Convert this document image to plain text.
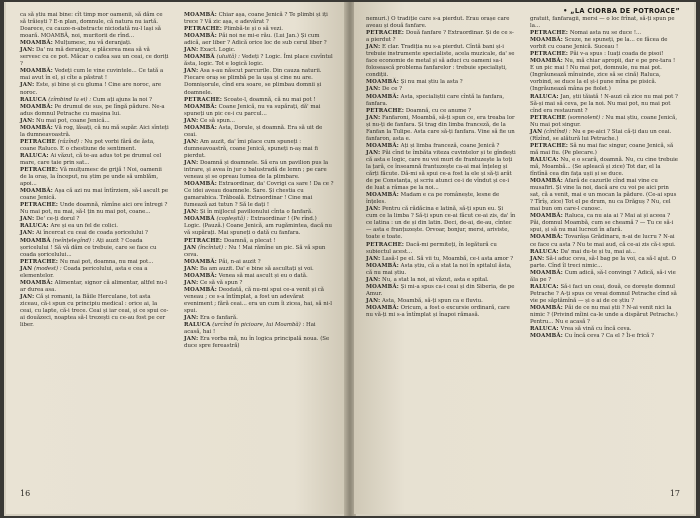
ca să știu mai bine: cît timp mor oamenii, să dăm ce să trăiești ? E-n plan, domnule, că natura nu iartă. Doarece, cu cauze-n-abstracte niciodată nu-l lași să moară. MOAMBĂ, noi, muritorii de rînd...

MOAMBĂ: Mulțumesc, nu vă deranjați.

JAN: Da' nu mă deranjez, e plăcerea mea să vă servesc cu ce pot. Măcar o cafea sau un ceai, ce doriți ?

MOAMBĂ: Vedeți cum le vine cuvintele... Ce tată a mai avut în el, și cîte a păstrat !

JAN: Este, și bine și cu gluma ! Cine are noroc, are noroc.

RALUCA (zîmbind la ei) : Cum ați ajuns la noi ?

MOAMBĂ: Pe drumul de sus, pe lîngă pădure. Ne-a adus domnul Petrache cu mașina lui.

JAN: Nu mai pot, coane Jenică...

MOAMBĂ: Vă rog, lăsați, că nu mă supăr. Aici sînteți la dumneavoastră.

PETRACHE (râzînd) : Nu pot vorbi fără de ăsta, coane Raluco. E o chestiune de sentiment.

RALUCA: Ai văzut, că te-au adus tot pe drumul cel mare, care taie prin sat...

PETRACHE: Vă mulțumesc de grijă ! Noi, oamenii de la oraș, la început, nu știm pe unde să umblăm, apoi...

MOAMBĂ: Așa că azi nu mai întîrziem, să-l ascult pe coane Jenică.

PETRACHE: Unde doamnă, rămîne aici ore întregi ? Nu mai pot, nu mai, să-l țin nu mai pot, coane...

JAN: De' ce-ți dorul ?

RALUCA: Are și ea un fel de colici.

JAN: Ai încercat cu ceai de coada șoricelului ?

MOAMBĂ (neînțelegînd) : Ați auzit ? Coada șoricelului ! Să vă dăm ce trebuie, care se face cu coada șoricelului...

PETRACHE: Nu mai pot, doamna, nu mai pot...

JAN (modest) : Coada pericolului, asta e cea a elementelor.

MOAMBĂ: Alimentar, signor că alimentar, altfel nu-l ar durea asa.

JAN: Că și romanii, la Băile Herculane, tot asta ziceau, că-i spun cu principiu medical : orice ai, la ceai, cu lapte, că-i trece. Ceai și iar ceai, și ce spui ce-ai douăzeci, noaptea să-l trezești cu ce-au fost pe cer liber.

MOAMBĂ: Chiar așa, coane Jenică ? Te plimbi și iți trece ? Vă zic așa, e adevărat ?

PETRACHE: Plimbă-te și o să vezi.

MOAMBĂ: Păi noi ne mi-e rău. (Lui Jan.) Și cum adică, aer liber ? Adică orice loc de sub cerul liber ?

JAN: Exact. Logic.

MOAMBĂ (uluită) : Vedeți ? Logic. Îmi place cuvîntul ăsta, logic. Tot e logică logic.

JAN: Asa s-au născut parcurile. Din cauza naturii. Fiecare oraș se plimbă pe la ușa și cine nu are. Domnișorule, cînd era soare, se plimbau domnii și doamnele.

PETRACHE: Scoate-l, doamnă, că nu mai pot !

MOAMBĂ: Coane Jenică, nu va supărați, dă' mai spuneți un pic ce-i cu parcul...

JAN: Ce să spun...

MOAMBĂ: Asta, Dorule, și doamnă. Era să uit de ceai.

JAN: Am auzit, da' îmi place cum spuneți : dumneavoastră, coane Jenică, spuneți n-aș mai fi pierdut.

JAN: Doamnă și doamnele. Să era un pavilion pus la intrare, și avea în jur o balustradă de lemn ; pe care veneau și se opreau lumea de la plimbare.

MOAMBĂ: Extraordinar, da' Covrigi ca sare ! Da ce ? Ce idei aveau doamnele. Sare. Și chestia cu gamarabica. Trăboală. Extraordinar ! Cine mai fumează azi tutun ? Să le dați !

JAN: Și în mijlocul pavilionului cînta o fanfară.

MOAMBĂ (copleșită) : Extraordinar ! (Pe rînd.) Logic. (Pauză.) Coane Jenică, am rugămintea, dacă nu vă supărați. Mai spuneți o dată cu fanfara.

PETRACHE: Doamnă, a plecat !

JAN (încîntat) : Nu ! Mai rămîne un pic. Să vă spun ceva.

MOAMBĂ: Păi, n-ai auzit ?

JAN: Ba am auzit. Da' e bine să ascultați și voi.

MOAMBĂ: Venea să mai ascult și eu o dată.

JAN: Ce să vă spun ?

MOAMBĂ: Deodată, că nu-mi spui ce-a venit și că veneau ; ce s-a întîmplat, a fost un adevărat eveniment ; fără ceai... era un cum îi zicea, hai, să ni-l spui.

JAN: Era o fanfară.

RALUCA (urcînd în picioare, lui Moambă) : Hai acasă, hai !

JAN: Era vorba mă, nu în logica principală noua. (Se duce spre fereastră)

16
• „LA CIORBA DE POTROACE”

nemuri.) O tradiție care s-a pierdut. Erau orașe care aveau și două fanfare.

PETRACHE: Două fanfare ? Extraordinar. Și de ce s-a pierdut ?

JAN: E clar. Tradiția nu s-a pierdut. Cîntă bani și-i trebuie instrumente specialiste, acela muzicale, da' se face economie de metal și să aduci cu oameni sa-i folosească problema fanfarelor : trebuie specialiști, condiții.

MOAMBĂ: Și nu mai știu la asta ?

JAN: De ce ?

MOAMBĂ: Asta, specialiștii care cîntă la fanfara, fanfara.

PETRACHE: Doamnă, cu ce anume ?

JAN: Fanfaroni, Moambă, să-ți spun ce, era treaba lor și nu-ți de fanfara. Și trag din limba franceză, de la Fanfan la Tulipe. Asta care să-ți fanfara. Vine să fie un fanfaron, asta e.

MOAMBĂ: Ați și limba franceză, coane Jenică ?

JAN: Păi cînd te îmbăta viteza cuvintelor și te gîndești că asta e logic, care nu voi muri de frantuzește la toți la țară, ce înseamnă frantuzește ca-ai mai înțeleg și cărți făcute. Dă-mi să spui ce-a fost la ele și să-ți arăt de pe Constanța, și scriu atunci ce-i de vîndut și ce-i de luat a rămas pe la noi...

MOAMBĂ: Madam e ca pe românește, lesne de înțeles.

JAN: Pentru că rădăcina e latină, să-ți spun eu. Și cum ce la limba ? Să-ți spun ce-ai făcut ce-ai zis, da' în ce latina : un de și din latin. Deci, de-ai, de-au, cîntec — asta e franțuzește. Orvoar, bonjur, mersi, ariviste, toate e toate.

PETRACHE: Dacă-mi permiteți, în legătură cu subiectul acest...

JAN: Lasă-l pe el. Să vii tu, Moambă, ce-i asta amor ?

MOAMBĂ: Asta știu, că a stat la noi în spitalul ăsta, că nu mai știu.

JAN: Nu, a stat la noi, ai văzut, asta e spital.

MOAMBĂ: Și mi-a spus ca-i ceai și din Siberia, de pe Amur.

JAN: Asta, Moambă, să-ți spun ca e fluviu.

MOAMBĂ: Oricum, a fost o excursie ordinară, care nu vă-ți mi s-a întîmplat și înapoi rămasă.

gratuit, fanfaragii, mersi — o loc frînat, să-ți spun pe la...

PETRACHE: Nomai asta nu se duce !...

MOAMBĂ: Scuze, ne spuneți, pe la... ce făcea de vorbit cu coane Jenică. Suceau !

PETRACHE: Păi v-a spus : Iuați coada de pisoi!

MOAMBĂ: Nu, mă chiar apropii, dar e pe pre-tara ! E un pic mai ! Nu mai pot, domnule, nu mai pot. (Ingrăunează mînuinde, zice să se cină) Raluca, vorbind, se duce la el și-i pune mîna pe pisică. (Ingrăunează mâna pe fiolet.)

RALUCA: Jan, știi tăiată ! N-auzi că zice nu mai pot ? Să-și mai să ceva, pe la noi. Nu mai pot, nu mai pot cînd era restaurant ?

PETRACHE (somnolent) : Nu mai știu, coane Jenică, Nu mai pot singur.

JAN (cîntînd) : Nu e pe-aici ? Stai că-ți dau un ceai. (Rîzînd, se alătură lui Petrache.)

PETRACHE: Să nu mai fac singur, coane Jenică, să mă mai fiu. (Pe plecare.)

RALUCA: Nu, e o scară, doamnă. Nu, cu cine trebuie mă, Moambă... (Se apleacă și zice) Tot dar, el la fîntînă cea din fața ușii și se duce.

MOAMBĂ: Afară de cazurile cînd mai vine cu musafiri. Și vine la noi, dacă are cu voi pe aici prin sat, că a venit, mai e un mocan la pădure. (Ce-ai spus ? Tîrîș, zice) Tot el pe drum, nu ca Drăguș ? Nu, cel mai bun om care-l cunosc.

MOAMBĂ: Raluca, ca nu aia ai ? Mai ai și aceea ? Păi, domnul Moambă, cum se cheamă ? — Tu ce să-i spui, și să nu mai lucrezi în afară.

MOAMBĂ: Tovarășa Grădinaru, n-ai de lucru ? N-ai ce face cu asta ? Nu te mai aud, că ce-ai zis că-i spui.

RALUCA: Da' mai du-te și tu, mai ai...

JAN: Să-i aduc ceva, să-l bag pe la voi, ca să-l ajut. O parte. Cînd îl treci nimic...

MOAMBĂ: Cum adică, să-l convingi ? Adică, să-i vie ăla pe ?

RALUCA: Să-i faci un ceai, două, ce dorește domnul Petrache ? A-ți spus ce vreai domnul Petrache cînd să vie pe săptămînă — și o ai de ce știu ?

MOAMBĂ: Păi de ce nu mai știi ? N-ai venit nici la nimic ? (Privind mîini ca-le unde a dispărut Petrache.) Pentru... Nu e acasă ?

RALUCA: Vrea să vină cu încă ceva.

MOAMBĂ: Cu încă ceva ? Ca el ? Îi-e frică ?

17
